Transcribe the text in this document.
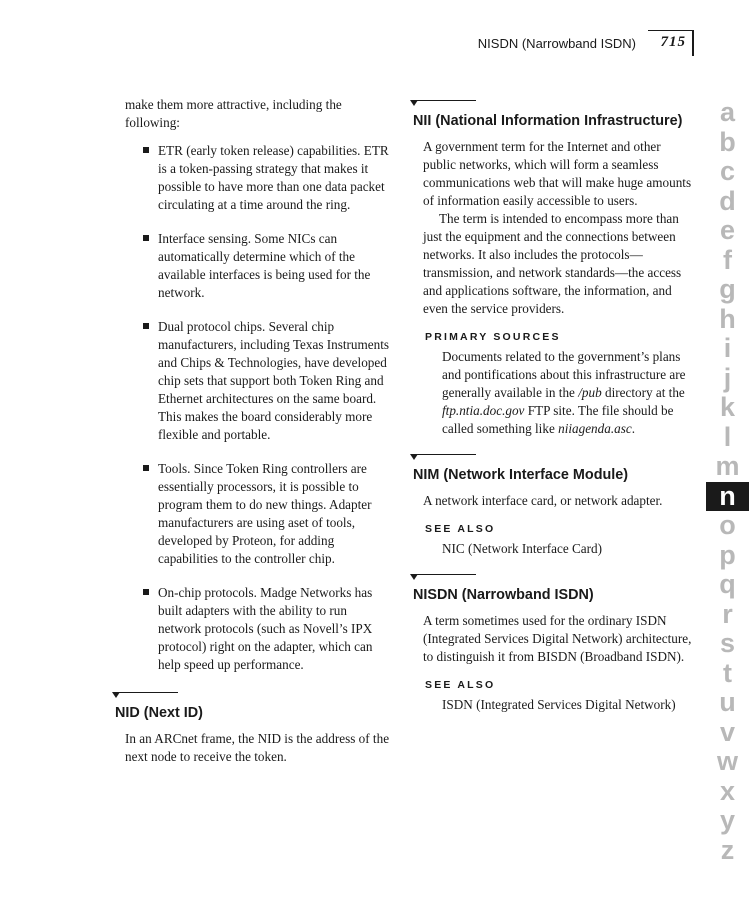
NISDN (Narrowband ISDN) 715

make them more attractive, including the following:

ETR (early token release) capabilities. ETR is a token-passing strategy that makes it possible to have more than one data packet circulating at a time around the ring.
Interface sensing. Some NICs can automatically determine which of the available interfaces is being used for the network.
Dual protocol chips. Several chip manufacturers, including Texas Instruments and Chips & Technologies, have developed chip sets that support both Token Ring and Ethernet architectures on the same board. This makes the board considerably more flexible and portable.
Tools. Since Token Ring controllers are essentially processors, it is possible to program them to do new things. Adapter manufacturers are using aset of tools, developed by Proteon, for adding capabilities to the controller chip.
On-chip protocols. Madge Networks has built adapters with the ability to run network protocols (such as Novell’s IPX protocol) right on the adapter, which can help speed up performance.
NID (Next ID)

In an ARCnet frame, the NID is the address of the next node to receive the token.

NII (National Information Infrastructure)

A government term for the Internet and other public networks, which will form a seamless communications web that will make huge amounts of information easily accessible to users.

The term is intended to encompass more than just the equipment and the connections between networks. It also includes the protocols—transmission, and network standards—the access and applications software, the information, and even the service providers.

PRIMARY SOURCES

Documents related to the government’s plans and pontifications about this infrastructure are generally available in the /pub directory at the ftp.ntia.doc.gov FTP site. The file should be called something like niiagenda.asc.

NIM (Network Interface Module)

A network interface card, or network adapter.

SEE ALSO

NIC (Network Interface Card)

NISDN (Narrowband ISDN)

A term sometimes used for the ordinary ISDN (Integrated Services Digital Network) architecture, to distinguish it from BISDN (Broadband ISDN).

SEE ALSO

ISDN (Integrated Services Digital Network)

a
b
c
d
e
f
g
h
i
j
k
l
m
n
o
p
q
r
s
t
u
v
w
x
y
z
